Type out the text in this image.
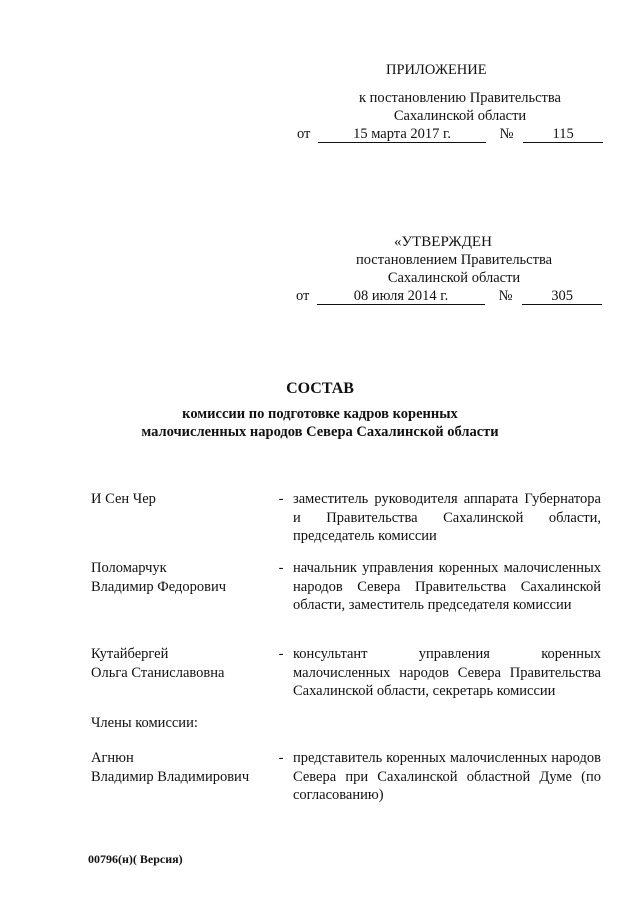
ПРИЛОЖЕНИЕ
к постановлению Правительства
Сахалинской области
от	15 марта 2017 г.	№	115
«УТВЕРЖДЕН
постановлением Правительства
Сахалинской области
от	08 июля 2014 г.	№	305
СОСТАВ
комиссии по подготовке кадров коренных
малочисленных народов Севера Сахалинской области
И Сен Чер	- заместитель руководителя аппарата Губернатора и Правительства Сахалинской области, председатель комиссии
Поломарчук
Владимир Федорович
- начальник управления коренных малочисленных народов Севера Правительства Сахалинской области, заместитель председателя комиссии
Кутайбергей
Ольга Станиславовна
- консультант управления коренных малочисленных народов Севера Правительства Сахалинской области, секретарь комиссии
Члены комиссии:
Агнюн
Владимир Владимирович
- представитель коренных малочисленных народов Севера при Сахалинской областной Думе (по согласованию)
00796(н)( Версия)
